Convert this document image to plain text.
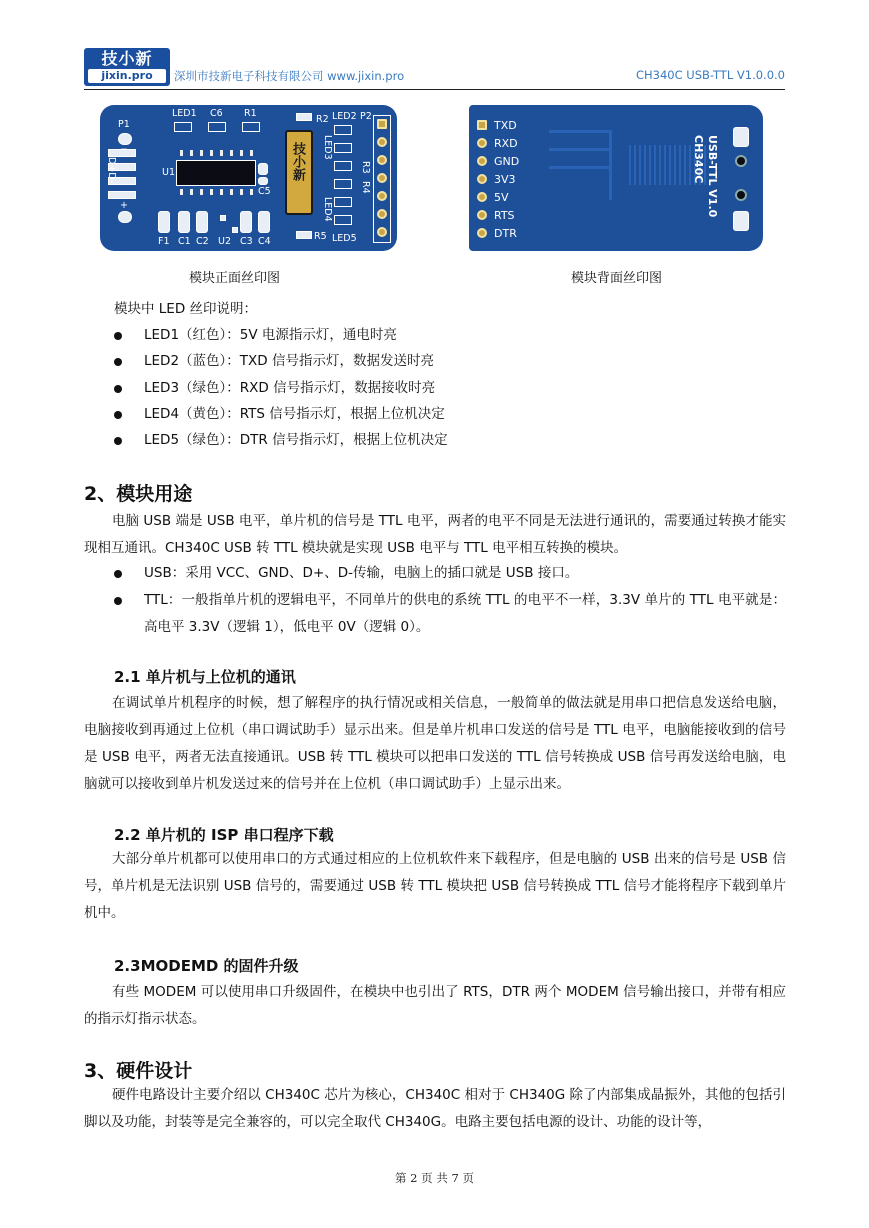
技小新
jixin.pro	深圳市技新电子科技有限公司 www.jixin.pro	CH340C USB-TTL V1.0.0.0
P1
D+D-
−
+
LED1 C6 R1
U1
C5
技小新
R2 LED2 P2
LED3
R3
R4
LED4
R5 LED5
F1 C1 C2 U2 C3 C4
TXD
RXD
GND
3V3
5V
RTS
DTR
USB-TTL V1.0
CH340C
模块正面丝印图	模块背面丝印图
模块中 LED 丝印说明：
LED1（红色）：5V 电源指示灯，通电时亮
LED2（蓝色）：TXD 信号指示灯，数据发送时亮
LED3（绿色）：RXD 信号指示灯，数据接收时亮
LED4（黄色）：RTS 信号指示灯，根据上位机决定
LED5（绿色）：DTR 信号指示灯，根据上位机决定
2、模块用途
电脑 USB 端是 USB 电平，单片机的信号是 TTL 电平，两者的电平不同是无法进行通讯的，需要通过转换才能实现相互通讯。CH340C USB 转 TTL 模块就是实现 USB 电平与 TTL 电平相互转换的模块。
USB：采用 VCC、GND、D+、D-传输，电脑上的插口就是 USB 接口。
TTL：一般指单片机的逻辑电平，不同单片的供电的系统 TTL 的电平不一样，3.3V 单片的 TTL 电平就是：高电平 3.3V（逻辑 1），低电平 0V（逻辑 0）。
2.1 单片机与上位机的通讯
在调试单片机程序的时候，想了解程序的执行情况或相关信息，一般简单的做法就是用串口把信息发送给电脑，电脑接收到再通过上位机（串口调试助手）显示出来。但是单片机串口发送的信号是 TTL 电平，电脑能接收到的信号是 USB 电平，两者无法直接通讯。USB 转 TTL 模块可以把串口发送的 TTL 信号转换成 USB 信号再发送给电脑，电脑就可以接收到单片机发送过来的信号并在上位机（串口调试助手）上显示出来。
2.2 单片机的 ISP 串口程序下载
大部分单片机都可以使用串口的方式通过相应的上位机软件来下载程序，但是电脑的 USB 出来的信号是 USB 信号，单片机是无法识别 USB 信号的，需要通过 USB 转 TTL 模块把 USB 信号转换成 TTL 信号才能将程序下载到单片机中。
2.3MODEMD 的固件升级
有些 MODEM 可以使用串口升级固件，在模块中也引出了 RTS，DTR 两个 MODEM 信号输出接口，并带有相应的指示灯指示状态。
3、硬件设计
硬件电路设计主要介绍以 CH340C 芯片为核心，CH340C 相对于 CH340G 除了内部集成晶振外，其他的包括引脚以及功能，封装等是完全兼容的，可以完全取代 CH340G。电路主要包括电源的设计、功能的设计等，
第 2 页 共 7 页
